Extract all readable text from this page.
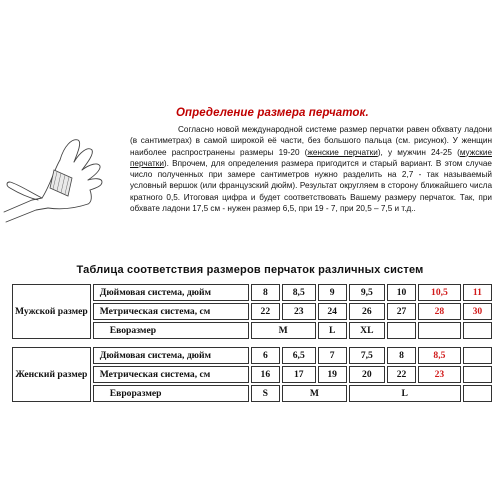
Определение размера перчаток.

Согласно новой международной системе размер перчатки равен обхвату ладони (в сантиметрах) в самой широкой её части, без большого пальца (см. рисунок). У женщин наиболее распространены размеры 19-20 (женские перчатки), у мужчин 24-25 (мужские перчатки). Впрочем, для определения размера пригодится и старый вариант. В этом случае число полученных при замере сантиметров нужно разделить на 2,7 - так называемый условный вершок (или французский дюйм). Результат округляем в сторону ближайшего числа кратного 0,5. Итоговая цифра и будет соответствовать Вашему размеру перчаток. Так, при обхвате ладони 17,5 см - нужен размер 6,5, при 19 - 7, при 20,5 – 7,5 и т.д..

Таблица соответствия размеров перчаток различных систем
Мужской размер	Дюймовая система, дюйм	8	8,5	9	9,5	10	10,5	11
	Метрическая система, см	22	23	24	26	27	28	30
	Еворазмер	M		L	XL			

Женский размер	Дюймовая система, дюйм	6	6,5	7	7,5	8	8,5	
	Метрическая система, см	16	17	19	20	22	23	
	Евроразмер	S	M		L			
